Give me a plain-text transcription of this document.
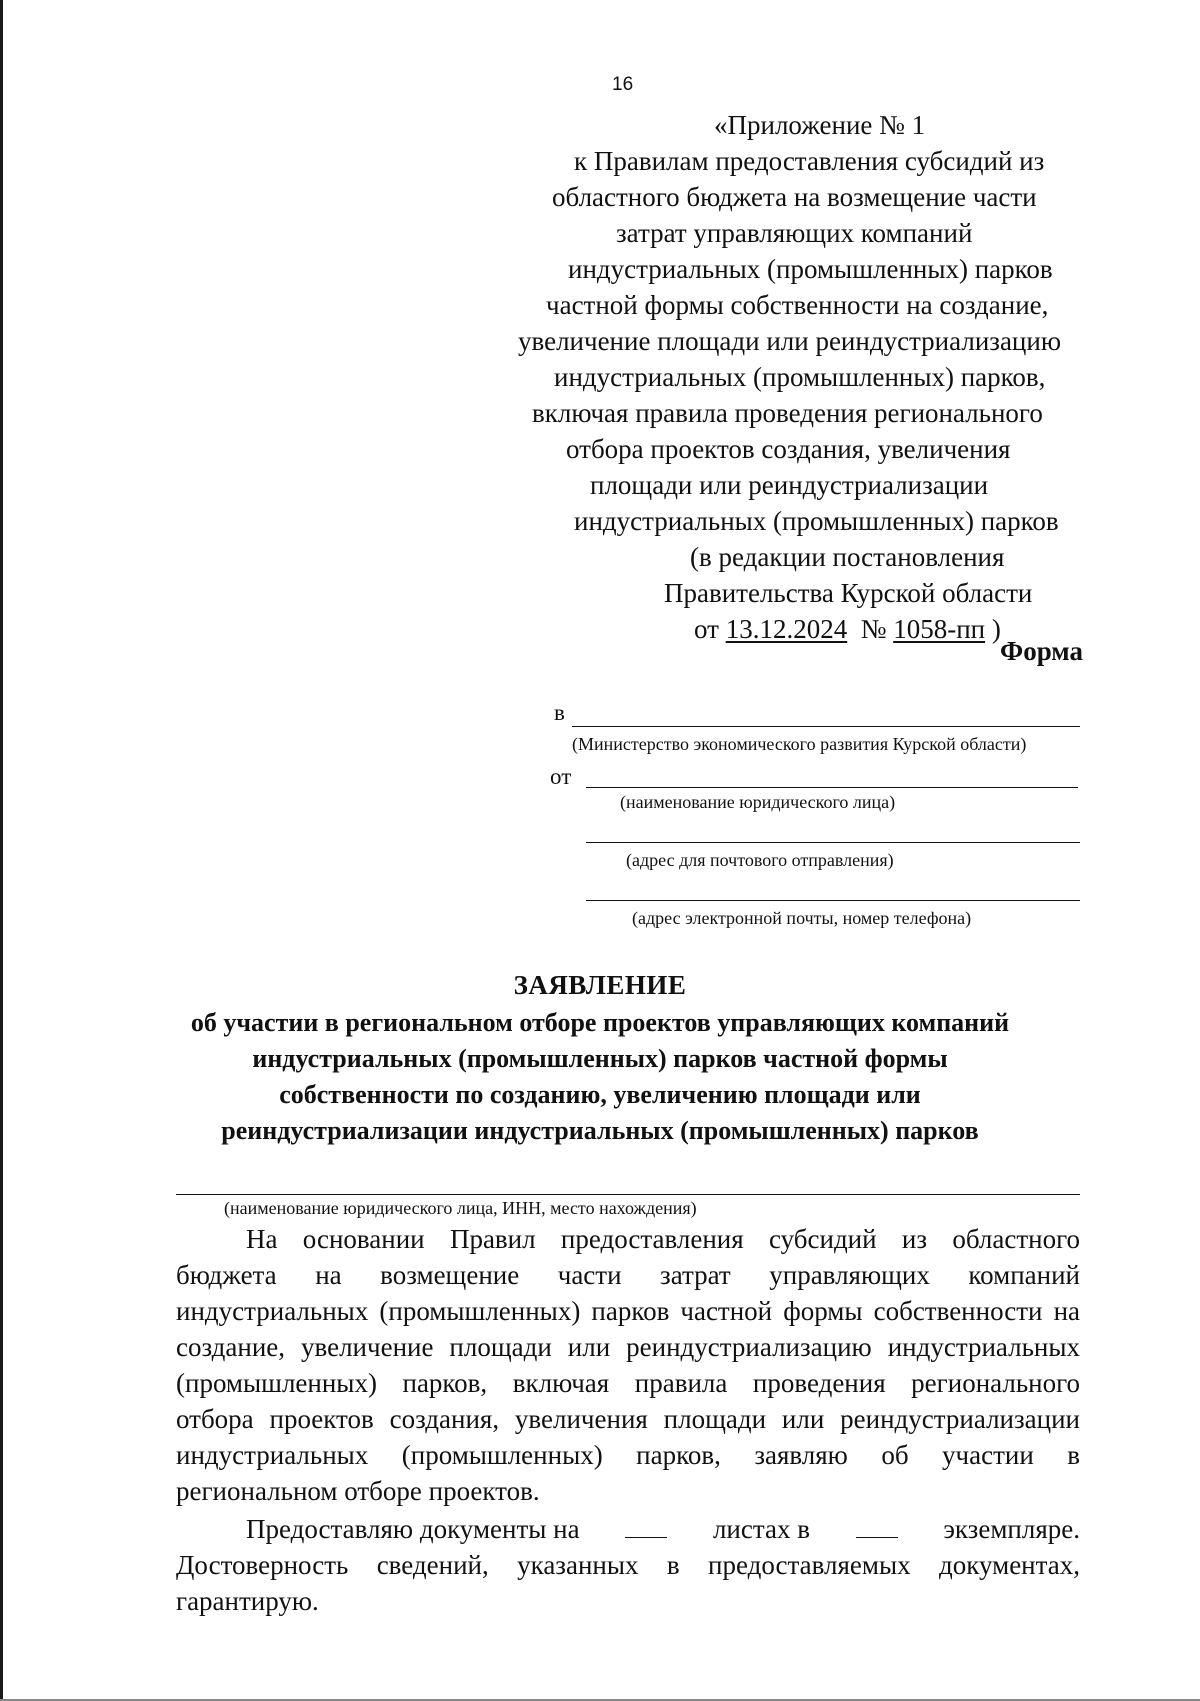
16
«Приложение № 1
к Правилам предоставления субсидий из
областного бюджета на возмещение части
затрат управляющих компаний
индустриальных (промышленных) парков
частной формы собственности на создание,
увеличение площади или реиндустриализацию
индустриальных (промышленных) парков,
включая правила проведения регионального
отбора проектов создания, увеличения
площади или реиндустриализации
индустриальных (промышленных) парков
(в редакции постановления
Правительства Курской области
от 13.12.2024 № 1058-пп )
Форма
в
(Министерство экономического развития Курской области)
от
(наименование юридического лица)
(адрес для почтового отправления)
(адрес электронной почты, номер телефона)
ЗАЯВЛЕНИЕ
об участии в региональном отборе проектов управляющих компаний
индустриальных (промышленных) парков частной формы
собственности по созданию, увеличению площади или
реиндустриализации индустриальных (промышленных) парков
(наименование юридического лица, ИНН, место нахождения)
На основании Правил предоставления субсидий из областного
бюджета на возмещение части затрат управляющих компаний
индустриальных (промышленных) парков частной формы собственности на
создание, увеличение площади или реиндустриализацию индустриальных
(промышленных) парков, включая правила проведения регионального
отбора проектов создания, увеличения площади или реиндустриализации
индустриальных (промышленных) парков, заявляю об участии в
региональном отборе проектов.
Предоставляю документы на	листах в	экземпляре.
Достоверность сведений, указанных в предоставляемых документах,
гарантирую.
